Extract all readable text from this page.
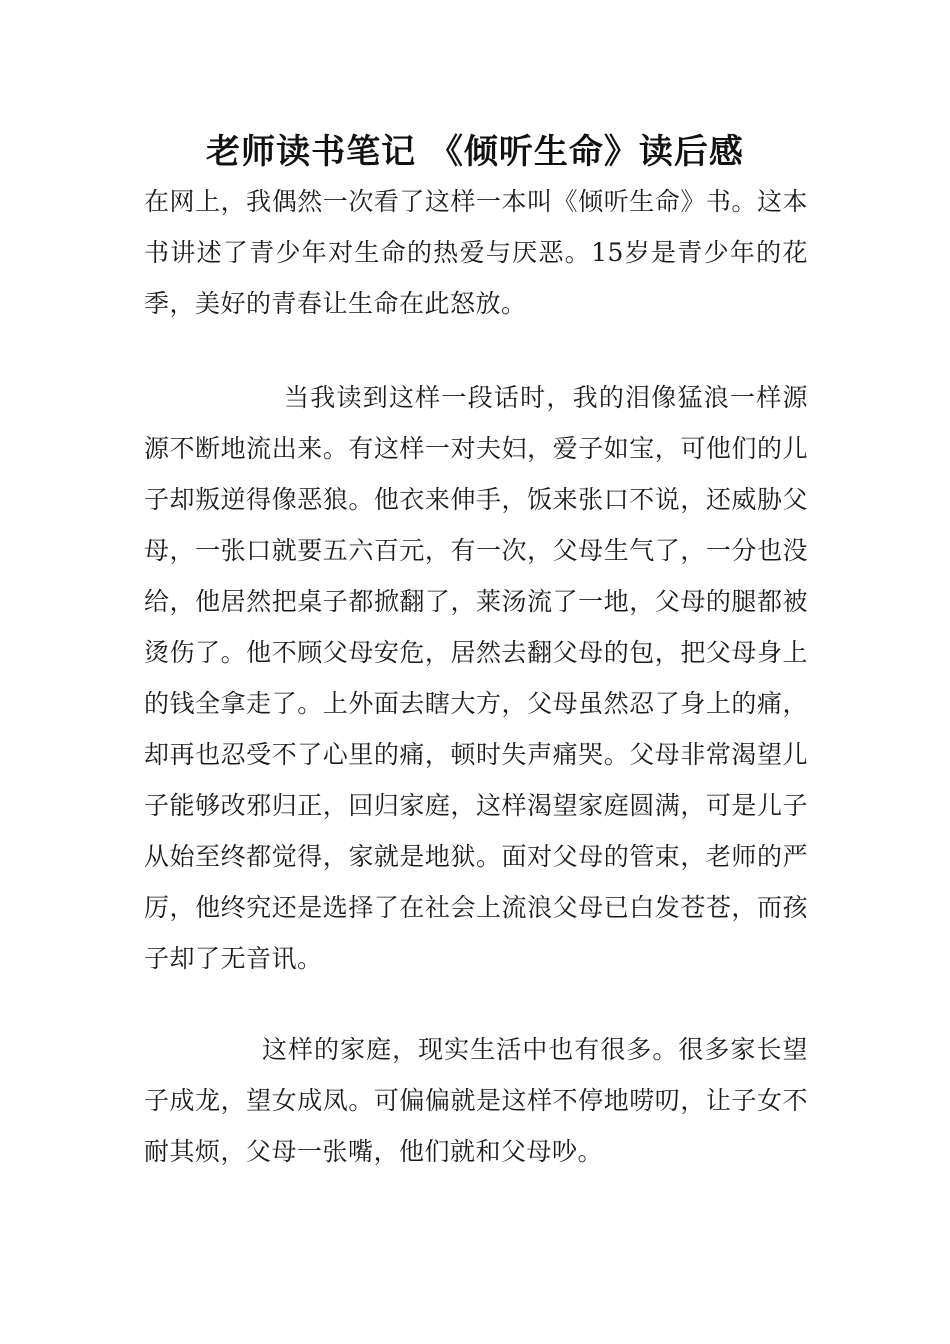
老师读书笔记 《倾听生命》读后感

在网上，我偶然一次看了这样一本叫《倾听生命》书。这本书讲述了青少年对生命的热爱与厌恶。15岁是青少年的花季，美好的青春让生命在此怒放。

当我读到这样一段话时，我的泪像猛浪一样源源不断地流出来。有这样一对夫妇，爱子如宝，可他们的儿子却叛逆得像恶狼。他衣来伸手，饭来张口不说，还威胁父母，一张口就要五六百元，有一次，父母生气了，一分也没给，他居然把桌子都掀翻了，莱汤流了一地，父母的腿都被烫伤了。他不顾父母安危，居然去翻父母的包，把父母身上的钱全拿走了。上外面去瞎大方，父母虽然忍了身上的痛，却再也忍受不了心里的痛，顿时失声痛哭。父母非常渴望儿子能够改邪归正，回归家庭，这样渴望家庭圆满，可是儿子从始至终都觉得，家就是地狱。面对父母的管束，老师的严厉，他终究还是选择了在社会上流浪父母已白发苍苍，而孩子却了无音讯。

这样的家庭，现实生活中也有很多。很多家长望子成龙，望女成凤。可偏偏就是这样不停地唠叨，让子女不耐其烦，父母一张嘴，他们就和父母吵。
